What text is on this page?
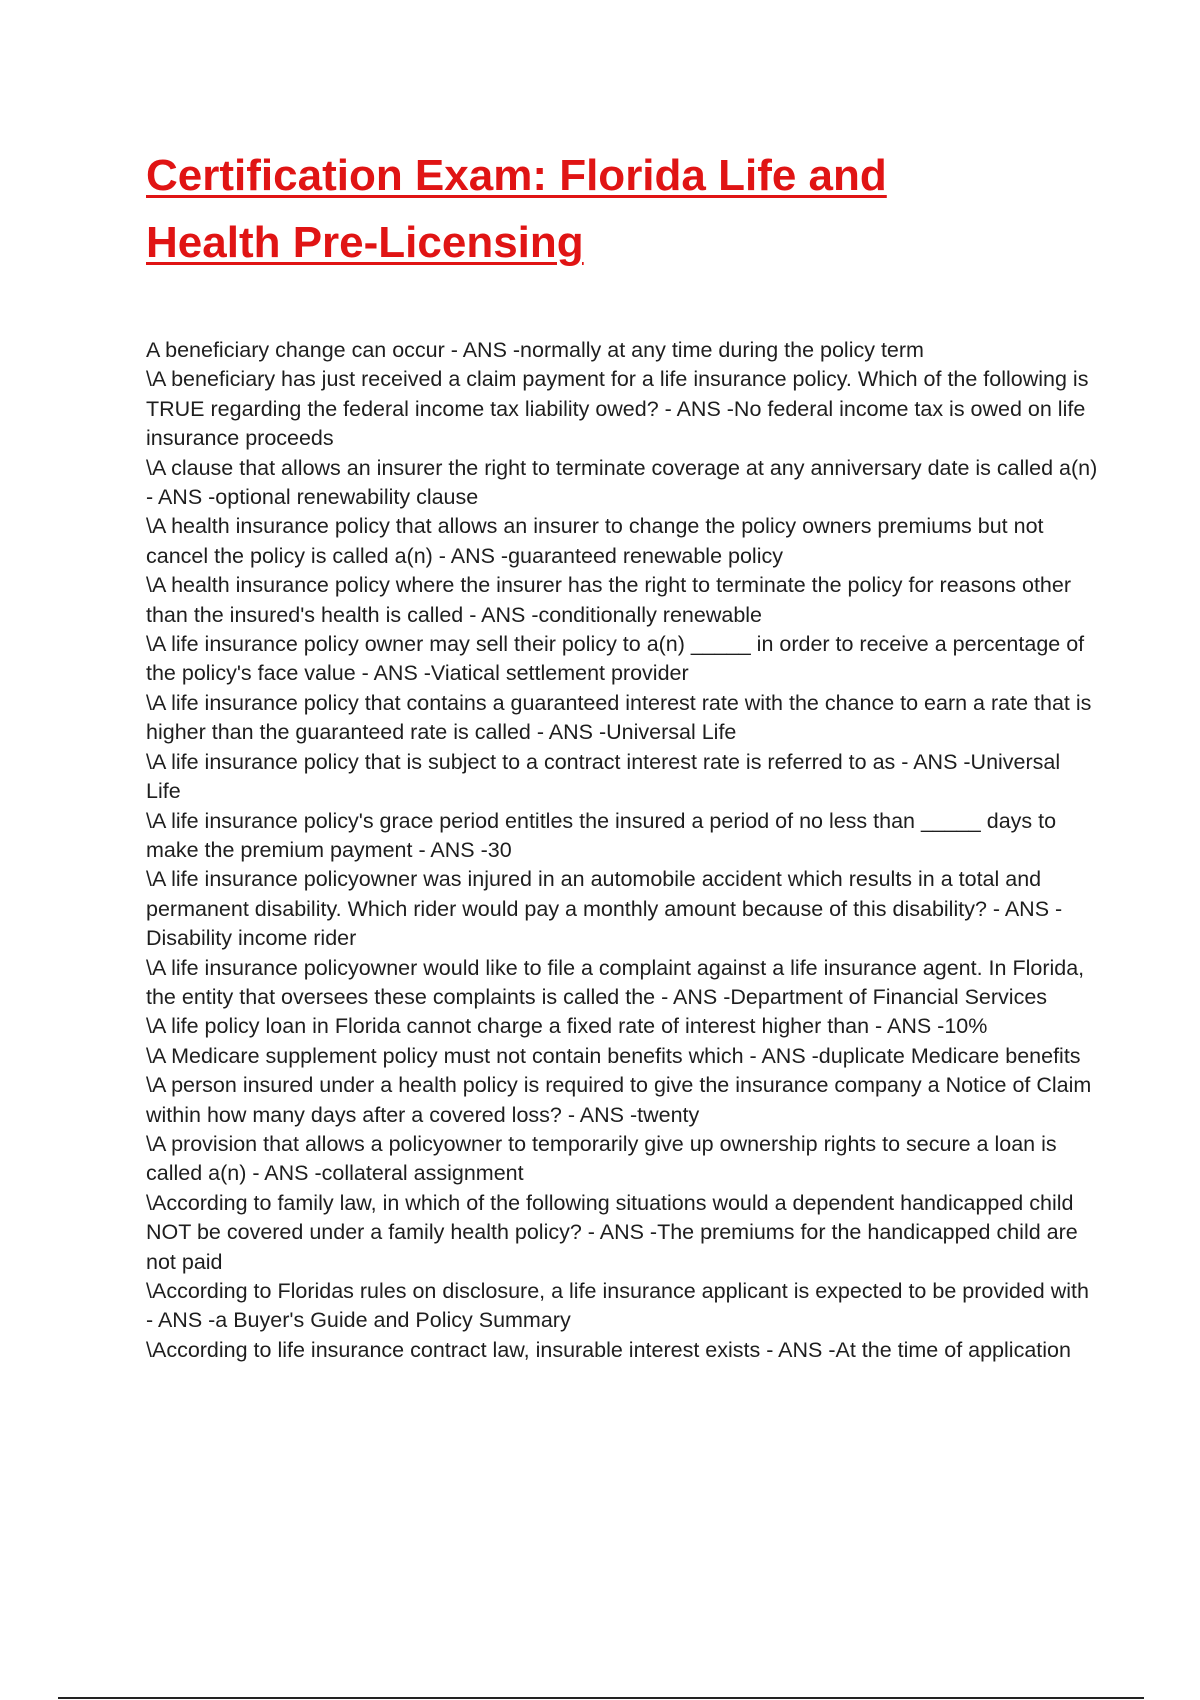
Certification Exam: Florida Life and
Health Pre-Licensing

A beneficiary change can occur - ANS -normally at any time during the policy term

\A beneficiary has just received a claim payment for a life insurance policy. Which of the following is TRUE regarding the federal income tax liability owed? - ANS -No federal income tax is owed on life insurance proceeds

\A clause that allows an insurer the right to terminate coverage at any anniversary date is called a(n) - ANS -optional renewability clause

\A health insurance policy that allows an insurer to change the policy owners premiums but not cancel the policy is called a(n) - ANS -guaranteed renewable policy

\A health insurance policy where the insurer has the right to terminate the policy for reasons other than the insured's health is called - ANS -conditionally renewable

\A life insurance policy owner may sell their policy to a(n) _____ in order to receive a percentage of the policy's face value - ANS -Viatical settlement provider

\A life insurance policy that contains a guaranteed interest rate with the chance to earn a rate that is higher than the guaranteed rate is called - ANS -Universal Life

\A life insurance policy that is subject to a contract interest rate is referred to as - ANS -Universal Life

\A life insurance policy's grace period entitles the insured a period of no less than _____ days to make the premium payment - ANS -30

\A life insurance policyowner was injured in an automobile accident which results in a total and permanent disability. Which rider would pay a monthly amount because of this disability? - ANS -Disability income rider

\A life insurance policyowner would like to file a complaint against a life insurance agent. In Florida, the entity that oversees these complaints is called the - ANS -Department of Financial Services

\A life policy loan in Florida cannot charge a fixed rate of interest higher than - ANS -10%

\A Medicare supplement policy must not contain benefits which - ANS -duplicate Medicare benefits

\A person insured under a health policy is required to give the insurance company a Notice of Claim within how many days after a covered loss? - ANS -twenty

\A provision that allows a policyowner to temporarily give up ownership rights to secure a loan is called a(n) - ANS -collateral assignment

\According to family law, in which of the following situations would a dependent handicapped child NOT be covered under a family health policy? - ANS -The premiums for the handicapped child are not paid

\According to Floridas rules on disclosure, a life insurance applicant is expected to be provided with - ANS -a Buyer's Guide and Policy Summary

\According to life insurance contract law, insurable interest exists - ANS -At the time of application
